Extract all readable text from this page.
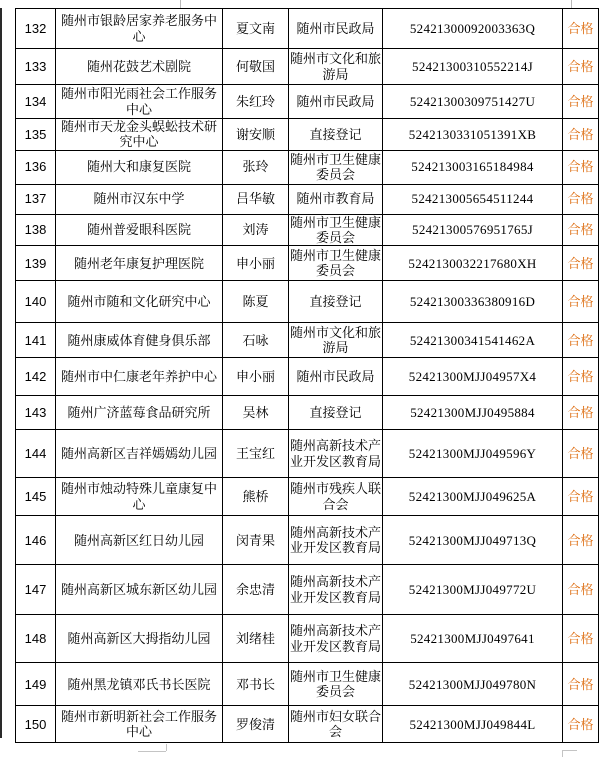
132	随州市银龄居家养老服务中心	夏文南	随州市民政局	52421300092003363Q	合格
133	随州花鼓艺术剧院	何敬国	随州市文化和旅游局	52421300310552214J	合格
134	随州市阳光雨社会工作服务中心	朱红玲	随州市民政局	52421300309751427U	合格
135	随州市天龙金头蜈蚣技术研究中心	谢安顺	直接登记	5242130331051391XB	合格
136	随州大和康复医院	张玲	随州市卫生健康委员会	524213003165184984	合格
137	随州市汉东中学	吕华敏	随州市教育局	524213005654511244	合格
138	随州普爱眼科医院	刘涛	随州市卫生健康委员会	52421300576951765J	合格
139	随州老年康复护理医院	申小丽	随州市卫生健康委员会	5242130032217680XH	合格
140	随州市随和文化研究中心	陈夏	直接登记	52421300336380916D	合格
141	随州康威体育健身俱乐部	石咏	随州市文化和旅游局	52421300341541462A	合格
142	随州市中仁康老年养护中心	申小丽	随州市民政局	52421300MJJ04957X4	合格
143	随州广济蓝莓食品研究所	吴林	直接登记	52421300MJJ0495884	合格
144	随州高新区吉祥嫣嫣幼儿园	王宝红	随州高新技术产业开发区教育局	52421300MJJ049596Y	合格
145	随州市烛动特殊儿童康复中心	熊桥	随州市残疾人联合会	52421300MJJ049625A	合格
146	随州高新区红日幼儿园	闵青果	随州高新技术产业开发区教育局	52421300MJJ049713Q	合格
147	随州高新区城东新区幼儿园	余忠清	随州高新技术产业开发区教育局	52421300MJJ049772U	合格
148	随州高新区大拇指幼儿园	刘绪桂	随州高新技术产业开发区教育局	52421300MJJ0497641	合格
149	随州黑龙镇邓氏书长医院	邓书长	随州市卫生健康委员会	52421300MJJ049780N	合格
150	随州市新明新社会工作服务中心	罗俊清	随州市妇女联合会	52421300MJJ049844L	合格
